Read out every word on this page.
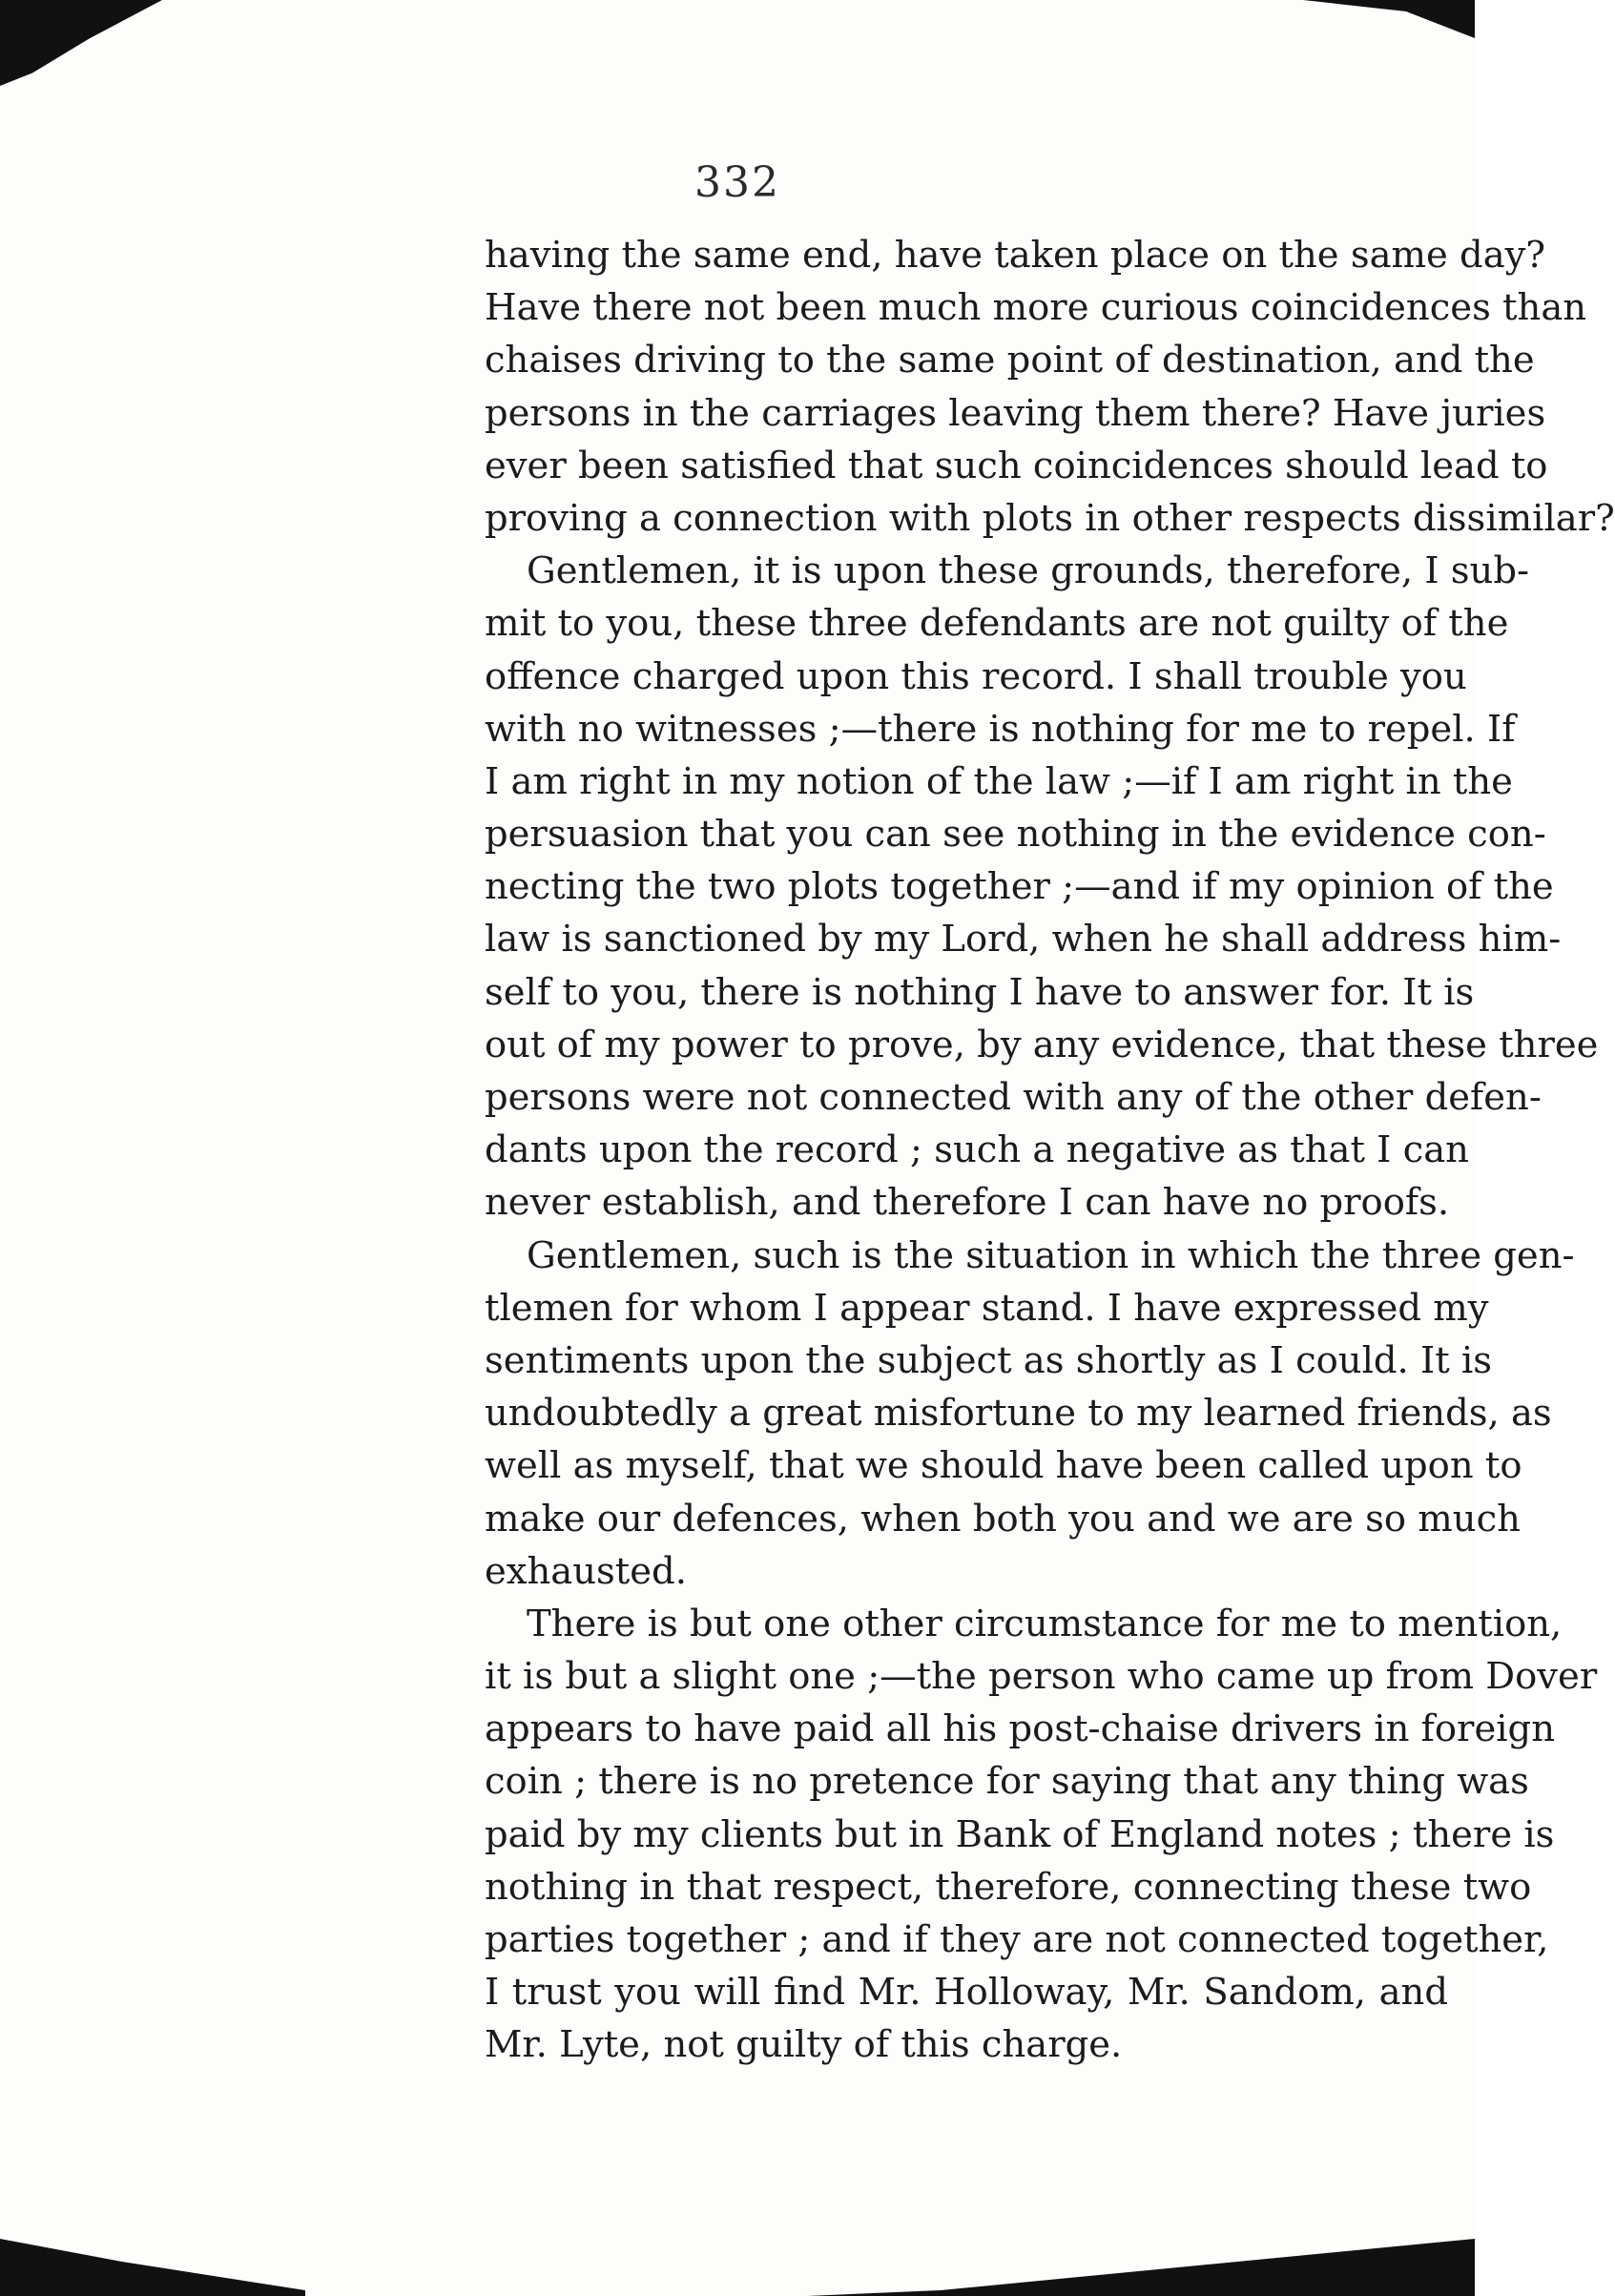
332
having the same end, have taken place on the same day?
Have there not been much more curious coincidences than
chaises driving to the same point of destination, and the
persons in the carriages leaving them there? Have juries
ever been satisfied that such coincidences should lead to
proving a connection with plots in other respects dissimilar?
Gentlemen, it is upon these grounds, therefore, I sub-
mit to you, these three defendants are not guilty of the
offence charged upon this record. I shall trouble you
with no witnesses ;—there is nothing for me to repel. If
I am right in my notion of the law ;—if I am right in the
persuasion that you can see nothing in the evidence con-
necting the two plots together ;—and if my opinion of the
law is sanctioned by my Lord, when he shall address him-
self to you, there is nothing I have to answer for. It is
out of my power to prove, by any evidence, that these three
persons were not connected with any of the other defen-
dants upon the record ; such a negative as that I can
never establish, and therefore I can have no proofs.
Gentlemen, such is the situation in which the three gen-
tlemen for whom I appear stand. I have expressed my
sentiments upon the subject as shortly as I could. It is
undoubtedly a great misfortune to my learned friends, as
well as myself, that we should have been called upon to
make our defences, when both you and we are so much
exhausted.
There is but one other circumstance for me to mention,
it is but a slight one ;—the person who came up from Dover
appears to have paid all his post-chaise drivers in foreign
coin ; there is no pretence for saying that any thing was
paid by my clients but in Bank of England notes ; there is
nothing in that respect, therefore, connecting these two
parties together ; and if they are not connected together,
I trust you will find Mr. Holloway, Mr. Sandom, and
Mr. Lyte, not guilty of this charge.
